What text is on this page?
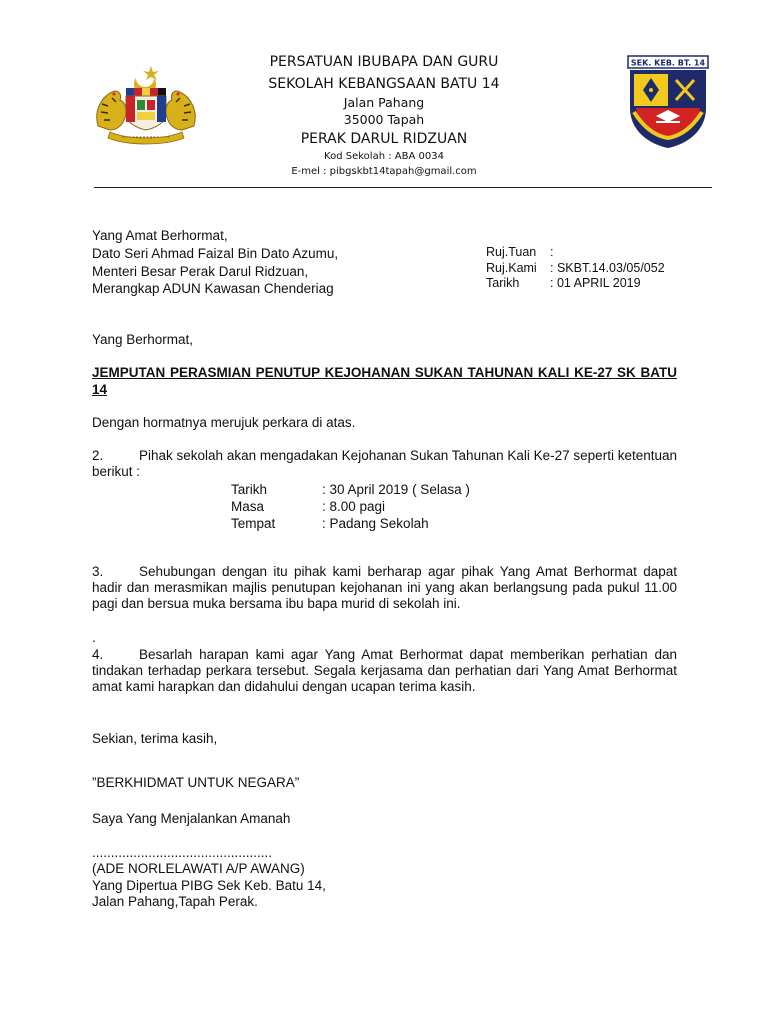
PERSATUAN IBUBAPA DAN GURU
SEKOLAH KEBANGSAAN BATU 14
Jalan Pahang
35000 Tapah
PERAK DARUL RIDZUAN
Kod Sekolah : ABA 0034
E-mel : pibgskbt14tapah@gmail.com
SEK. KEB. BT. 14
Yang Amat Berhormat,
Dato Seri Ahmad Faizal Bin Dato Azumu,
Menteri Besar Perak Darul Ridzuan,
Merangkap ADUN Kawasan Chenderiag
Ruj.Tuan :
Ruj.Kami : SKBT.14.03/05/052
Tarikh : 01 APRIL 2019
Yang Berhormat,
JEMPUTAN PERASMIAN PENUTUP KEJOHANAN SUKAN TAHUNAN KALI KE-27 SK BATU 14
Dengan hormatnya merujuk perkara di atas.
2.	Pihak sekolah akan mengadakan Kejohanan Sukan Tahunan Kali Ke-27 seperti ketentuan berikut :
Tarikh	: 30 April 2019 ( Selasa )
Masa	: 8.00 pagi
Tempat	: Padang Sekolah
3.	Sehubungan dengan itu pihak kami berharap agar pihak Yang Amat Berhormat dapat hadir dan merasmikan majlis penutupan kejohanan ini yang akan berlangsung pada pukul 11.00 pagi dan bersua muka bersama ibu bapa murid di sekolah ini.
.
4.	Besarlah harapan kami agar Yang Amat Berhormat dapat memberikan perhatian dan tindakan terhadap perkara tersebut. Segala kerjasama dan perhatian dari Yang Amat Berhormat amat kami harapkan dan didahului dengan ucapan terima kasih.
Sekian, terima kasih,
”BERKHIDMAT UNTUK NEGARA”
Saya Yang Menjalankan Amanah
................................................
(ADE NORLELAWATI A/P AWANG)
Yang Dipertua PIBG Sek Keb. Batu 14,
Jalan Pahang,Tapah Perak.
